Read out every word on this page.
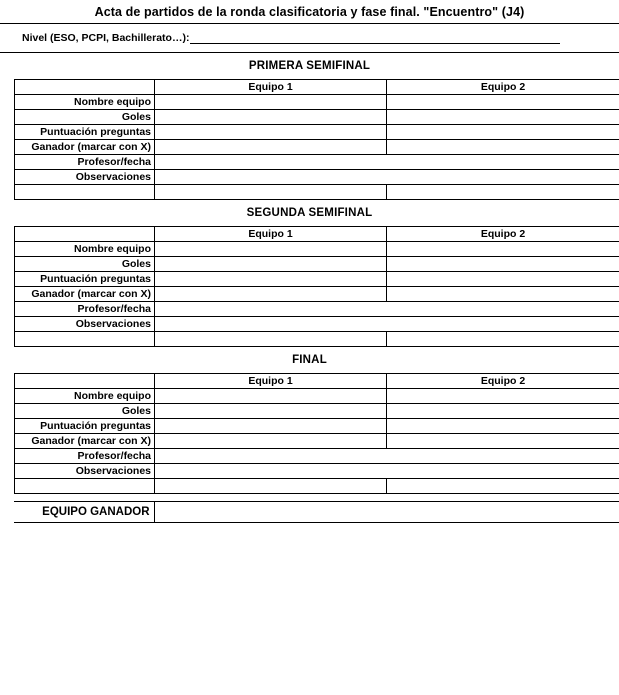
Acta de partidos de la ronda clasificatoria y fase final. "Encuentro" (J4)
Nivel (ESO, PCPI, Bachillerato…):
PRIMERA SEMIFINAL
	Equipo 1	Equipo 2
Nombre equipo		
Goles		
Puntuación preguntas		
Ganador (marcar con X)		
Profesor/fecha		
Observaciones		

SEGUNDA SEMIFINAL
	Equipo 1	Equipo 2
Nombre equipo		
Goles		
Puntuación preguntas		
Ganador (marcar con X)		
Profesor/fecha		
Observaciones		

FINAL
	Equipo 1	Equipo 2
Nombre equipo		
Goles		
Puntuación preguntas		
Ganador (marcar con X)		
Profesor/fecha		
Observaciones		

EQUIPO GANADOR	
